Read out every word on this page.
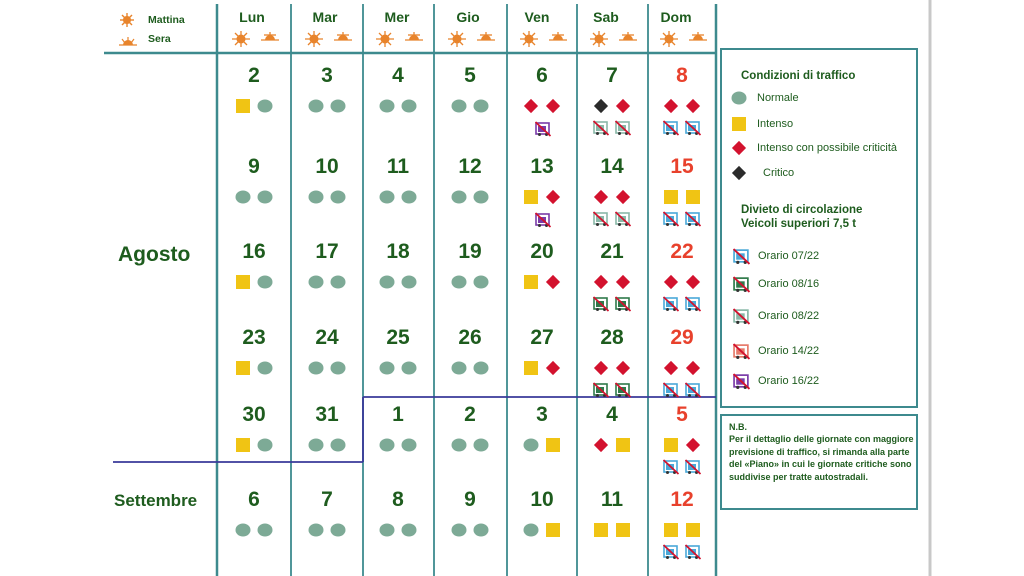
Mattina
Sera
Lun	Mar	Mer	Gio	Ven	Sab	Dom
Agosto
Settembre
2	3	4	5	6	7	8
9	10	11	12	13	14	15
16	17	18	19	20	21	22
23	24	25	26	27	28	29
30	31	1	2	3	4	5
6	7	8	9	10	11	12
Condizioni di traffico
Normale
Intenso
Intenso con possibile criticità
Critico
Orario 07/22
Orario 08/16
Orario 08/22
Orario 14/22
Orario 16/22
Divieto di circolazione
Veicoli superiori 7,5 t
N.B.
Per il dettaglio delle giornate con maggiore previsione di traffico, si rimanda alla parte del «Piano» in cui le giornate critiche sono suddivise per tratte autostradali.
